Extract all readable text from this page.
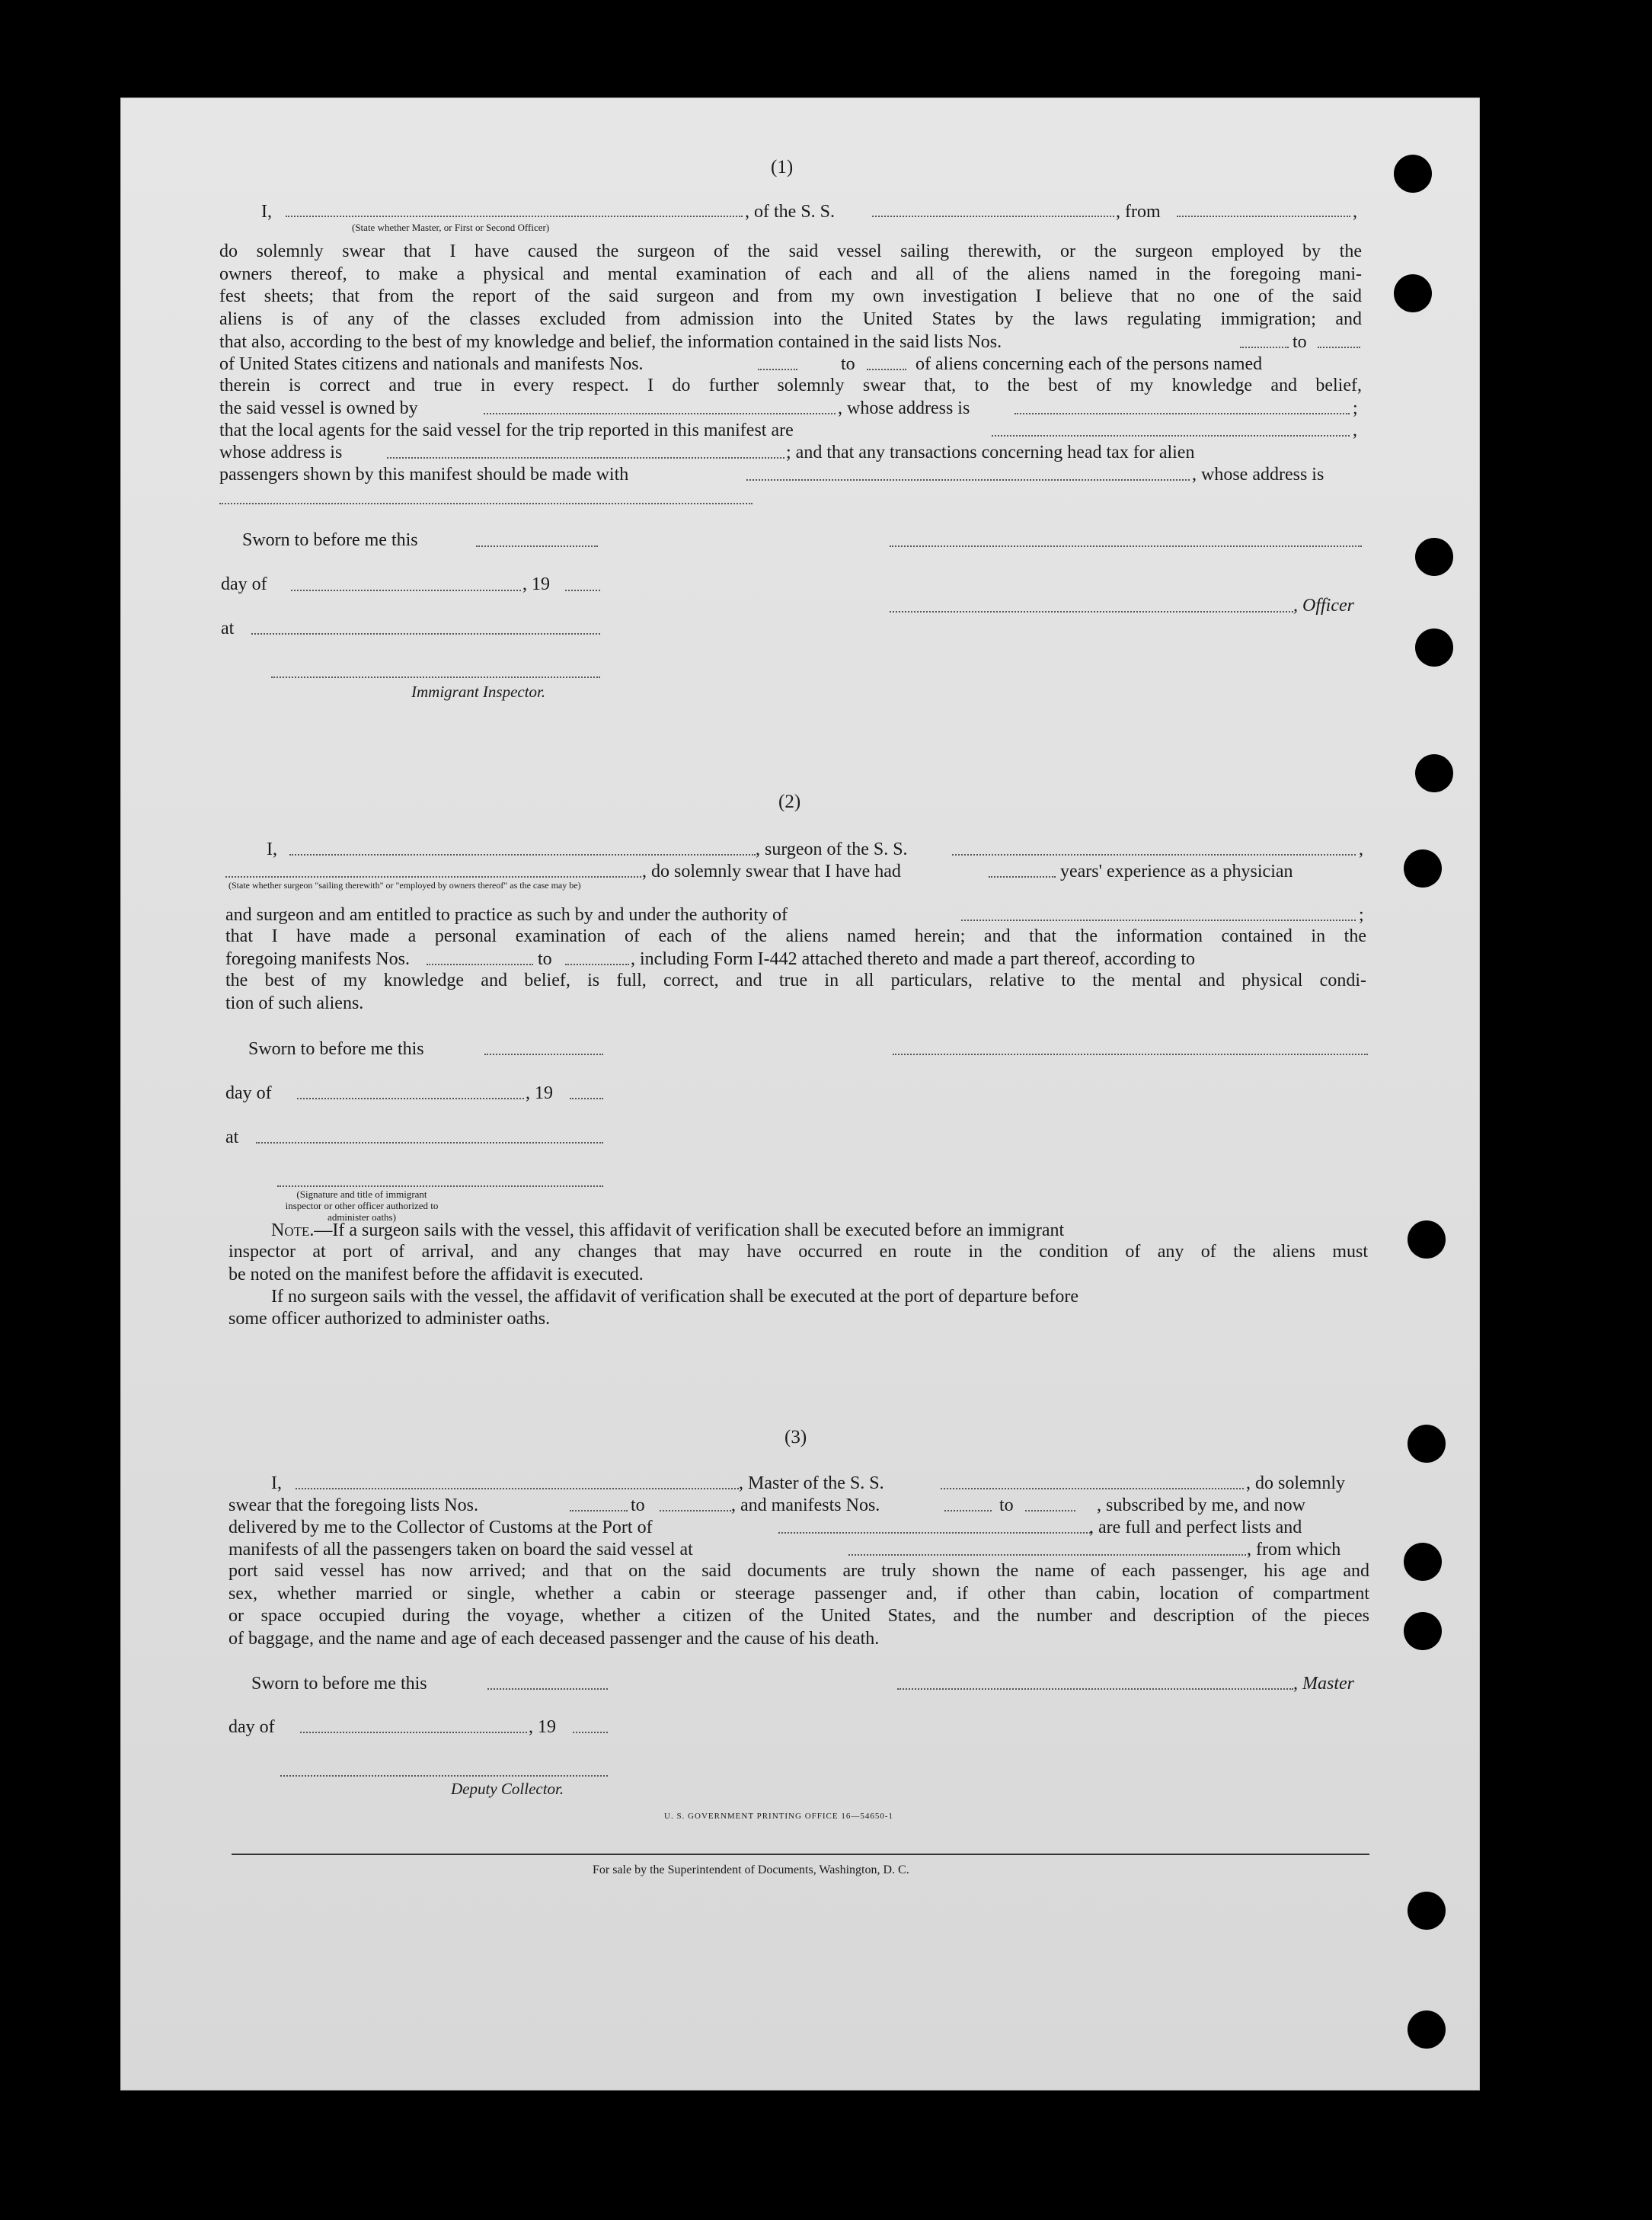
(1)
I,	, of the S. S.	, from	,
(State whether Master, or First or Second Officer)
do solemnly swear that I have caused the surgeon of the said vessel sailing therewith, or the surgeon employed by the
owners thereof, to make a physical and mental examination of each and all of the aliens named in the foregoing mani-
fest sheets; that from the report of the said surgeon and from my own investigation I believe that no one of the said
aliens is of any of the classes excluded from admission into the United States by the laws regulating immigration; and
that also, according to the best of my knowledge and belief, the information contained in the said lists Nos.	to
of United States citizens and nationals and manifests Nos.	to	of aliens concerning each of the persons named
therein is correct and true in every respect. I do further solemnly swear that, to the best of my knowledge and belief,
the said vessel is owned by	, whose address is	;
that the local agents for the said vessel for the trip reported in this manifest are	,
whose address is	; and that any transactions concerning head tax for alien
passengers shown by this manifest should be made with	, whose address is
Sworn to before me this
day of	, 19
, Officer
at
Immigrant Inspector.
(2)
I,	, surgeon of the S. S.	,
, do solemnly swear that I have had	years' experience as a physician
(State whether surgeon "sailing therewith" or "employed by owners thereof" as the case may be)
and surgeon and am entitled to practice as such by and under the authority of	;
that I have made a personal examination of each of the aliens named herein; and that the information contained in the
foregoing manifests Nos.	to	, including Form I-442 attached thereto and made a part thereof, according to
the best of my knowledge and belief, is full, correct, and true in all particulars, relative to the mental and physical condi-
tion of such aliens.
Sworn to before me this
day of	, 19
at
(Signature and title of immigrant inspector or other officer authorized to administer oaths)
Note.—If a surgeon sails with the vessel, this affidavit of verification shall be executed before an immigrant
inspector at port of arrival, and any changes that may have occurred en route in the condition of any of the aliens must
be noted on the manifest before the affidavit is executed.
If no surgeon sails with the vessel, the affidavit of verification shall be executed at the port of departure before
some officer authorized to administer oaths.
(3)
I,	, Master of the S. S.	, do solemnly
swear that the foregoing lists Nos.	to	, and manifests Nos.	to	, subscribed by me, and now
delivered by me to the Collector of Customs at the Port of	, are full and perfect lists and
manifests of all the passengers taken on board the said vessel at	, from which
port said vessel has now arrived; and that on the said documents are truly shown the name of each passenger, his age and
sex, whether married or single, whether a cabin or steerage passenger and, if other than cabin, location of compartment
or space occupied during the voyage, whether a citizen of the United States, and the number and description of the pieces
of baggage, and the name and age of each deceased passenger and the cause of his death.
Sworn to before me this	, Master
day of	, 19
Deputy Collector.
U. S. GOVERNMENT PRINTING OFFICE 16—54650-1
For sale by the Superintendent of Documents, Washington, D. C.
